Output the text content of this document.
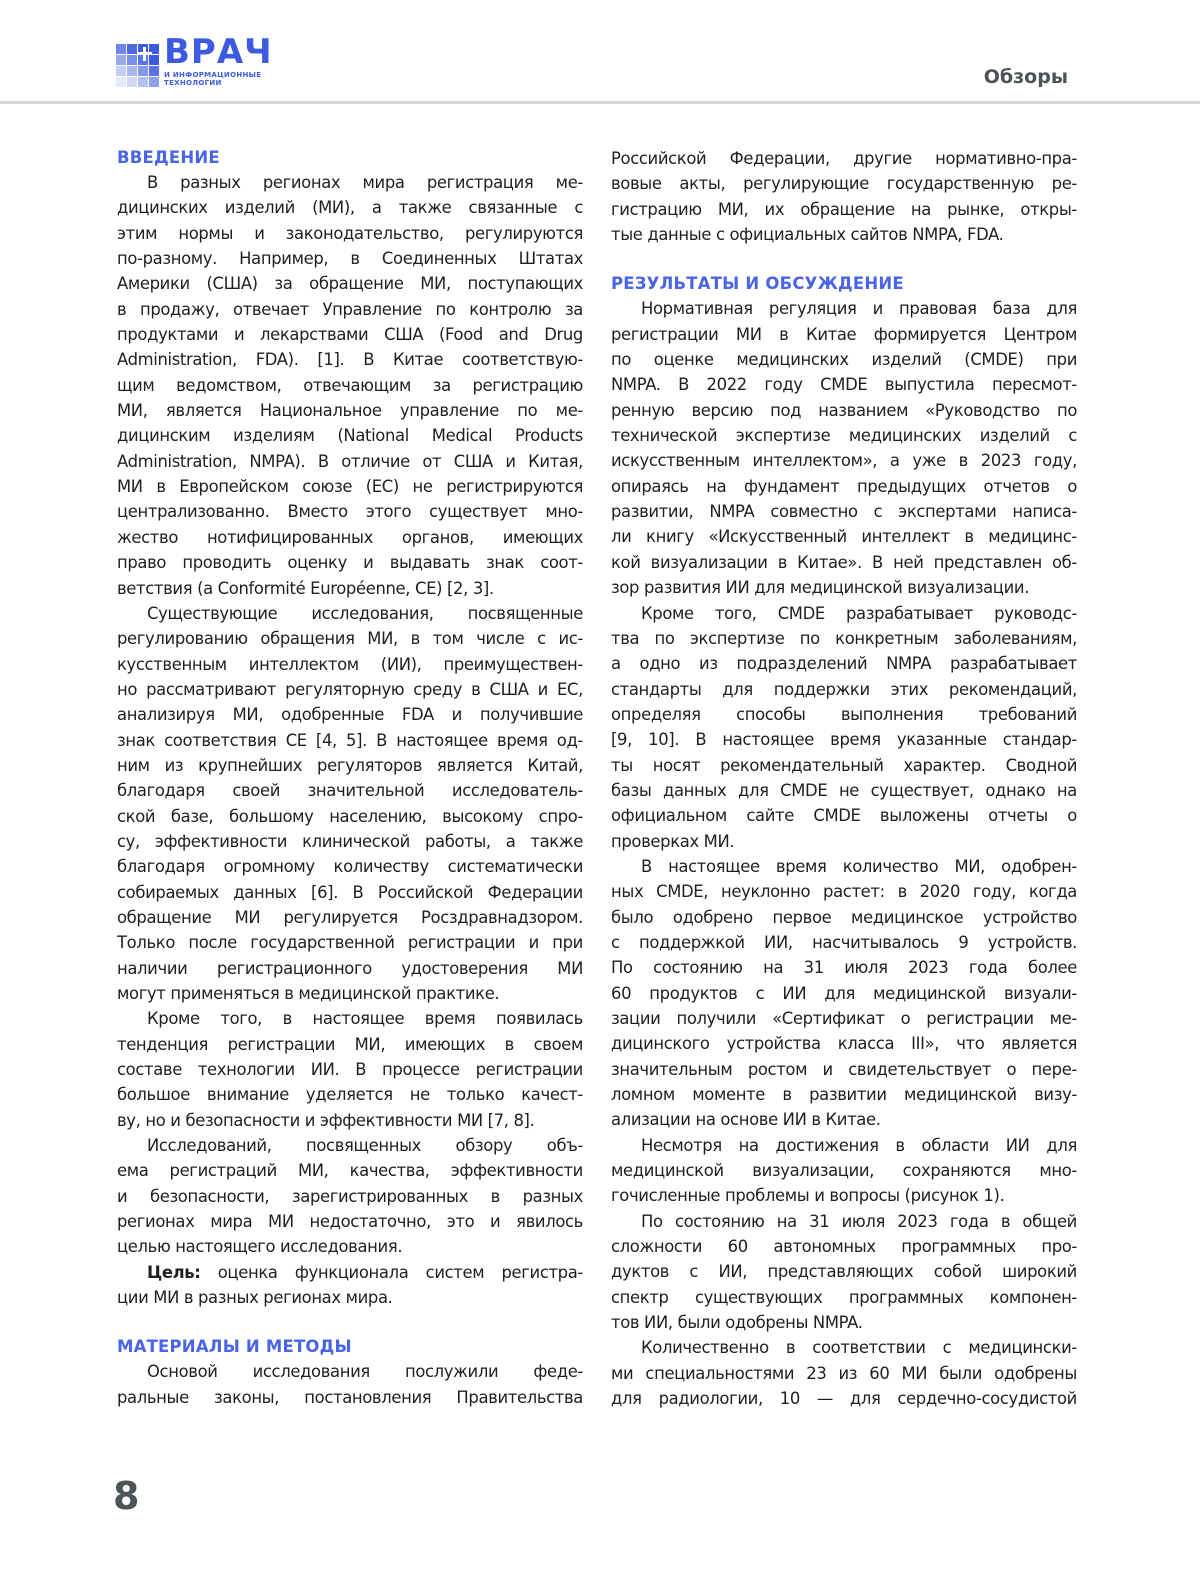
ВРАЧ
И ИНФОРМАЦИОННЫЕ
ТЕХНОЛОГИИ	Обзоры
ВВЕДЕНИЕ
В разных регионах мира регистрация ме-
дицинских изделий (МИ), а также связанные с
этим нормы и законодательство, регулируются
по-разному. Например, в Соединенных Штатах
Америки (США) за обращение МИ, поступающих
в продажу, отвечает Управление по контролю за
продуктами и лекарствами США (Food and Drug
Administration, FDA). [1]. В Китае соответствую-
щим ведомством, отвечающим за регистрацию
МИ, является Национальное управление по ме-
дицинским изделиям (National Medical Products
Administration, NMPA). В отличие от США и Китая,
МИ в Европейском союзе (ЕС) не регистрируются
централизованно. Вместо этого существует мно-
жество нотифицированных органов, имеющих
право проводить оценку и выдавать знак соот-
ветствия (a Conformité Européenne, CE) [2, 3].
Существующие исследования, посвященные
регулированию обращения МИ, в том числе с ис-
кусственным интеллектом (ИИ), преимуществен-
но рассматривают регуляторную среду в США и ЕС,
анализируя МИ, одобренные FDA и получившие
знак соответствия CE [4, 5]. В настоящее время од-
ним из крупнейших регуляторов является Китай,
благодаря своей значительной исследователь-
ской базе, большому населению, высокому спро-
су, эффективности клинической работы, а также
благодаря огромному количеству систематически
собираемых данных [6]. В Российской Федерации
обращение МИ регулируется Росздравнадзором.
Только после государственной регистрации и при
наличии регистрационного удостоверения МИ
могут применяться в медицинской практике.
Кроме того, в настоящее время появилась
тенденция регистрации МИ, имеющих в своем
составе технологии ИИ. В процессе регистрации
большое внимание уделяется не только качест-
ву, но и безопасности и эффективности МИ [7, 8].
Исследований, посвященных обзору объ-
ема регистраций МИ, качества, эффективности
и безопасности, зарегистрированных в разных
регионах мира МИ недостаточно, это и явилось
целью настоящего исследования.
Цель: оценка функционала систем регистра-
ции МИ в разных регионах мира.
МАТЕРИАЛЫ И МЕТОДЫ
Основой исследования послужили феде-
ральные законы, постановления Правительства
Российской Федерации, другие нормативно-пра-
вовые акты, регулирующие государственную ре-
гистрацию МИ, их обращение на рынке, откры-
тые данные с официальных сайтов NMPA, FDA.
РЕЗУЛЬТАТЫ И ОБСУЖДЕНИЕ
Нормативная регуляция и правовая база для
регистрации МИ в Китае формируется Центром
по оценке медицинских изделий (CMDE) при
NMPA. В 2022 году CMDE выпустила пересмот-
ренную версию под названием «Руководство по
технической экспертизе медицинских изделий с
искусственным интеллектом», а уже в 2023 году,
опираясь на фундамент предыдущих отчетов о
развитии, NMPA совместно с экспертами написа-
ли книгу «Искусственный интеллект в медицинс-
кой визуализации в Китае». В ней представлен об-
зор развития ИИ для медицинской визуализации.
Кроме того, CMDE разрабатывает руководс-
тва по экспертизе по конкретным заболеваниям,
а одно из подразделений NMPA разрабатывает
стандарты для поддержки этих рекомендаций,
определяя способы выполнения требований
[9, 10]. В настоящее время указанные стандар-
ты носят рекомендательный характер. Сводной
базы данных для CMDE не существует, однако на
официальном сайте CMDE выложены отчеты о
проверках МИ.
В настоящее время количество МИ, одобрен-
ных CMDE, неуклонно растет: в 2020 году, когда
было одобрено первое медицинское устройство
с поддержкой ИИ, насчитывалось 9 устройств.
По состоянию на 31 июля 2023 года более
60 продуктов с ИИ для медицинской визуали-
зации получили «Сертификат о регистрации ме-
дицинского устройства класса III», что является
значительным ростом и свидетельствует о пере-
ломном моменте в развитии медицинской визу-
ализации на основе ИИ в Китае.
Несмотря на достижения в области ИИ для
медицинской визуализации, сохраняются мно-
гочисленные проблемы и вопросы (рисунок 1).
По состоянию на 31 июля 2023 года в общей
сложности 60 автономных программных про-
дуктов с ИИ, представляющих собой широкий
спектр существующих программных компонен-
тов ИИ, были одобрены NMPA.
Количественно в соответствии с медицински-
ми специальностями 23 из 60 МИ были одобрены
для радиологии, 10 — для сердечно-сосудистой
8
